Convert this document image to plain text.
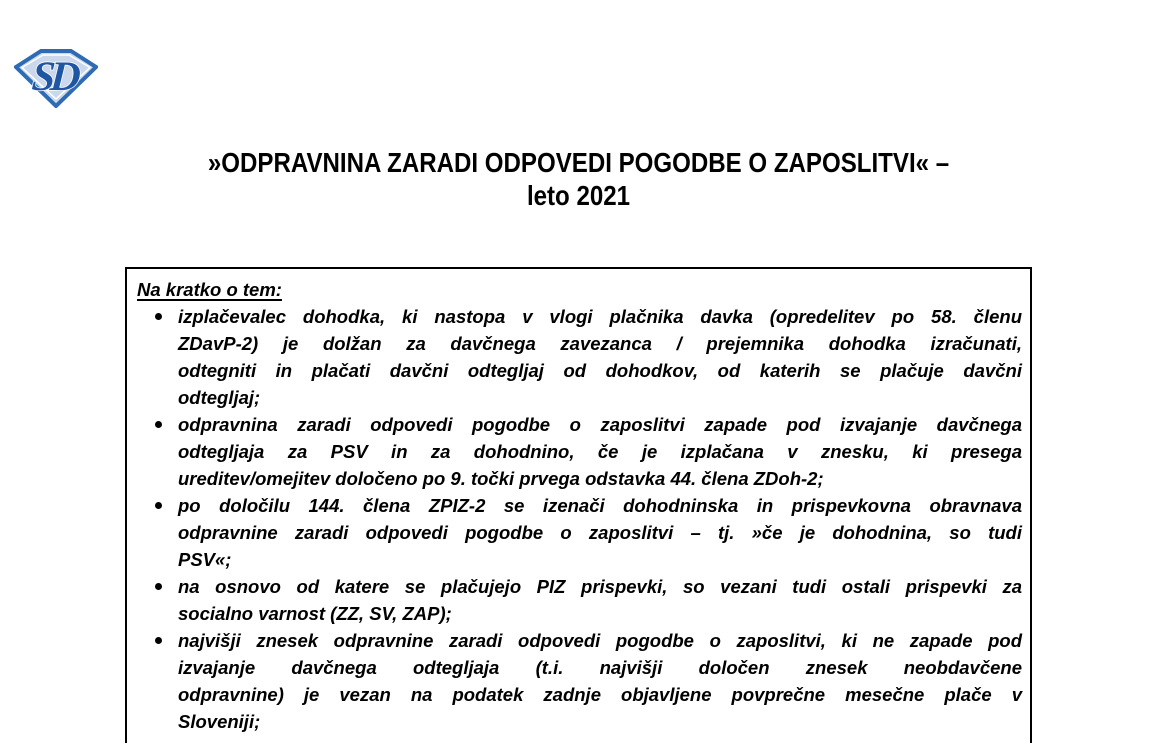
SD
»ODPRAVNINA ZARADI ODPOVEDI POGODBE O ZAPOSLITVI« –
leto 2021
Na kratko o tem:
izplačevalec dohodka, ki nastopa v vlogi plačnika davka (opredelitev po 58. členu
ZDavP-2) je dolžan za davčnega zavezanca / prejemnika dohodka izračunati,
odtegniti in plačati davčni odtegljaj od dohodkov, od katerih se plačuje davčni
odtegljaj;
odpravnina zaradi odpovedi pogodbe o zaposlitvi zapade pod izvajanje davčnega
odtegljaja za PSV in za dohodnino, če je izplačana v znesku, ki presega
ureditev/omejitev določeno po 9. točki prvega odstavka 44. člena ZDoh-2;
po določilu 144. člena ZPIZ-2 se izenači dohodninska in prispevkovna obravnava
odpravnine zaradi odpovedi pogodbe o zaposlitvi – tj. »če je dohodnina, so tudi
PSV«;
na osnovo od katere se plačujejo PIZ prispevki, so vezani tudi ostali prispevki za
socialno varnost (ZZ, SV, ZAP);
najvišji znesek odpravnine zaradi odpovedi pogodbe o zaposlitvi, ki ne zapade pod
izvajanje davčnega odtegljaja (t.i. najvišji določen znesek neobdavčene
odpravnine) je vezan na podatek zadnje objavljene povprečne mesečne plače v
Sloveniji;
